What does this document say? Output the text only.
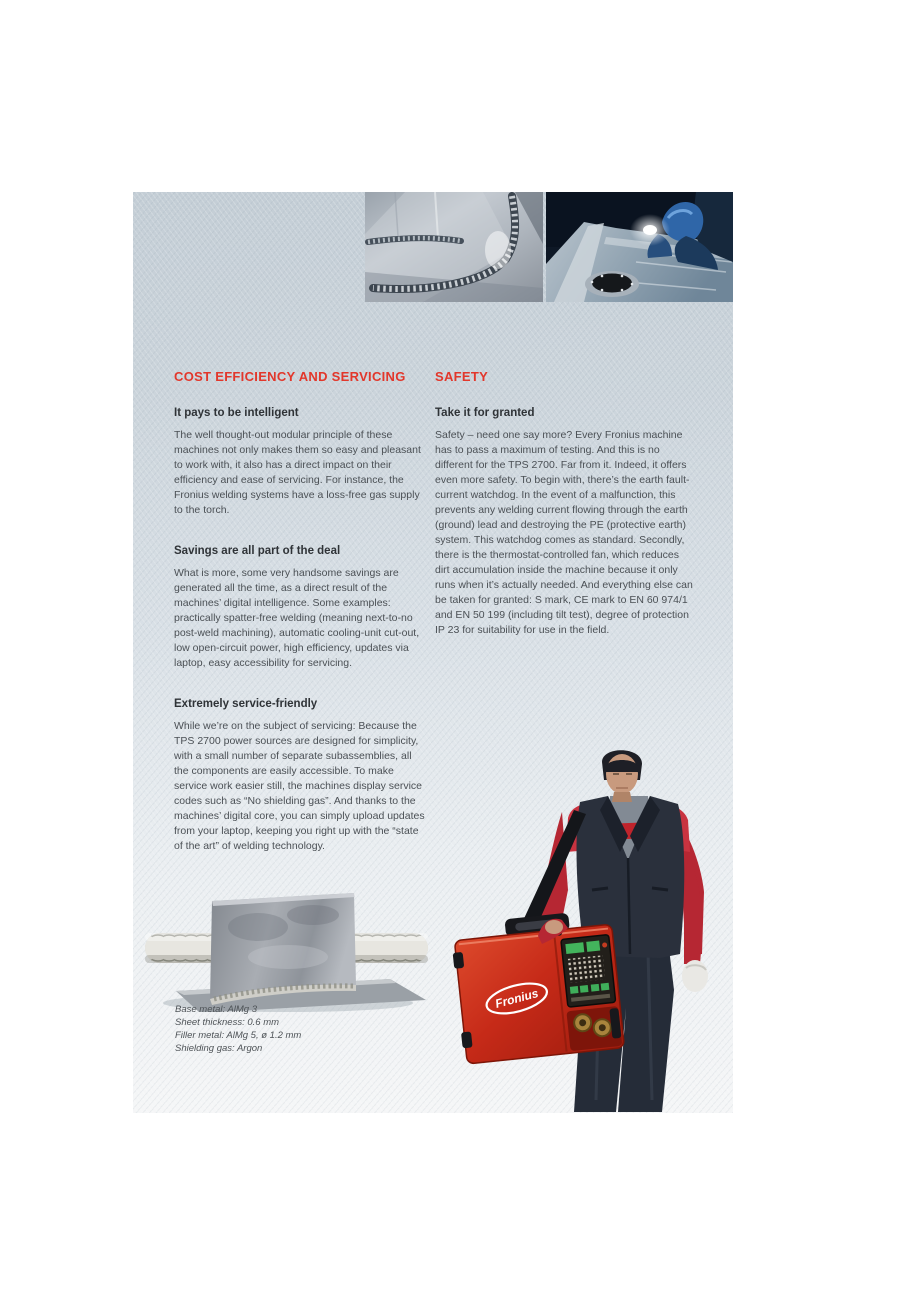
COST EFFICIENCY AND SERVICING
It pays to be intelligent

The well thought-out modular principle of these machines not only makes them so easy and pleasant to work with, it also has a direct impact on their efficiency and ease of servicing. For instance, the Fronius welding systems have a loss-free gas supply to the torch.

Savings are all part of the deal

What is more, some very handsome savings are generated all the time, as a direct result of the machines’ digital intelligence. Some examples: practically spatter-free welding (meaning next-to-no post-weld machining), automatic cooling-unit cut-out, low open-circuit power, high efficiency, updates via laptop, easy accessibility for servicing.

Extremely service-friendly

While we’re on the subject of servicing: Because the TPS 2700 power sources are designed for simplicity, with a small number of separate subassemblies, all the components are easily accessible. To make service work easier still, the machines display service codes such as “No shielding gas”. And thanks to the machines’ digital core, you can simply upload updates from your laptop, keeping you right up with the “state of the art” of welding technology.

SAFETY
Take it for granted

Safety – need one say more? Every Fronius machine has to pass a maximum of testing. And this is no different for the TPS 2700. Far from it. Indeed, it offers even more safety. To begin with, there’s the earth fault-current watchdog. In the event of a malfunction, this prevents any welding current flowing through the earth (ground) lead and destroying the PE (protective earth) system. This watchdog comes as standard. Secondly, there is the thermostat-controlled fan, which reduces dirt accumulation inside the machine because it only runs when it’s actually needed. And everything else can be taken for granted: S mark, CE mark to EN 60 974/1 and EN 50 199 (including tilt test), degree of protection IP 23 for suitability for use in the field.

Base metal: AlMg 3
Sheet thickness: 0.6 mm
Filler metal: AlMg 5, ø 1.2 mm
Shielding gas: Argon
Fronius
